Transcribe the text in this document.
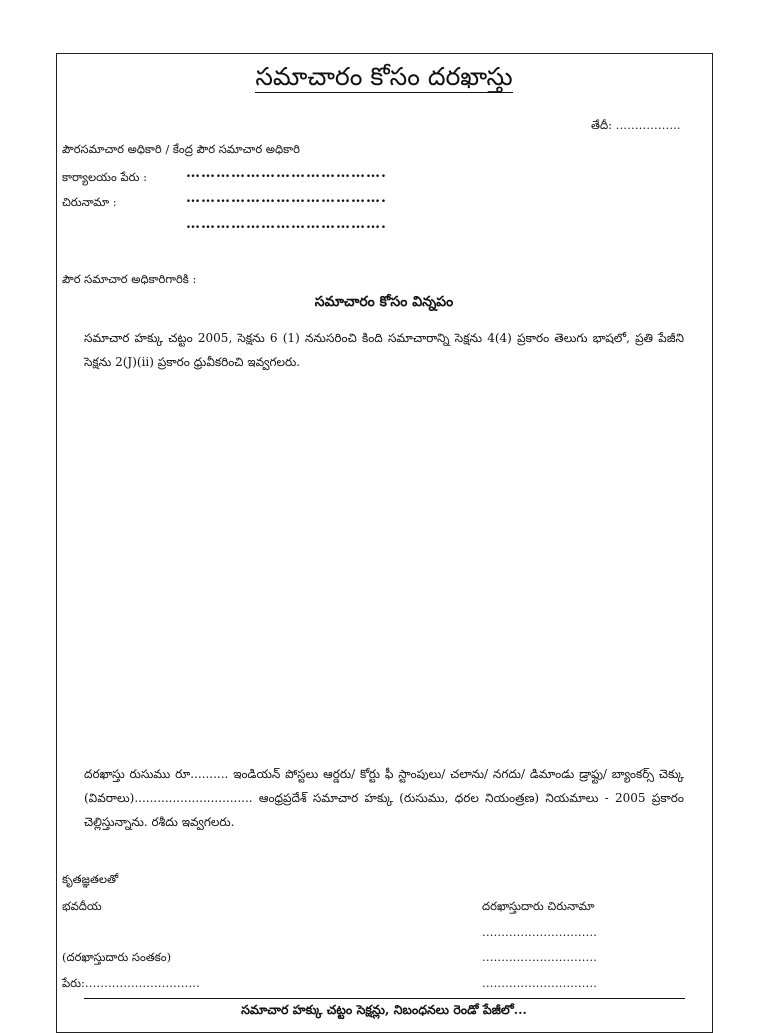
సమాచారం కోసం దరఖాస్తు
తేదీ: ……………..
పౌరసమాచార అధికారి / కేంద్ర పౌర సమాచార అధికారి
కార్యాలయం పేరు :	………………………………….
చిరునామా :	………………………………….
………………………………….
పౌర సమాచార అధికారిగారికి :
సమాచారం కోసం విన్నపం
సమాచార హక్కు చట్టం 2005, సెక్షను 6 (1) ననుసరించి కింది సమాచారాన్ని సెక్షను 4(4) ప్రకారం తెలుగు భాషలో, ప్రతి పేజీని సెక్షను 2(J)(ii) ప్రకారం ధ్రువీకరించి ఇవ్వగలరు.
దరఖాస్తు రుసుము రూ.......... ఇండియన్ పోస్టలు ఆర్డరు/ కోర్టు ఫీ స్టాంపులు/ చలాను/ నగదు/ డిమాండు డ్రాఫ్టు/ బ్యాంకర్స్ చెక్కు (వివరాలు)............................... ఆంధ్రప్రదేశ్ సమాచార హక్కు (రుసుము, ధరల నియంత్రణ) నియమాలు - 2005 ప్రకారం చెల్లిస్తున్నాను. రశీదు ఇవ్వగలరు.
కృతజ్ఞతలతో
భవదీయ	దరఖాస్తుదారు చిరునామా
…………………………
…………………………
…………………………
(దరఖాస్తుదారు సంతకం)
పేరు:…………………………
సమాచార హక్కు చట్టం సెక్షన్లు, నిబంధనలు రెండో పేజీలో...
